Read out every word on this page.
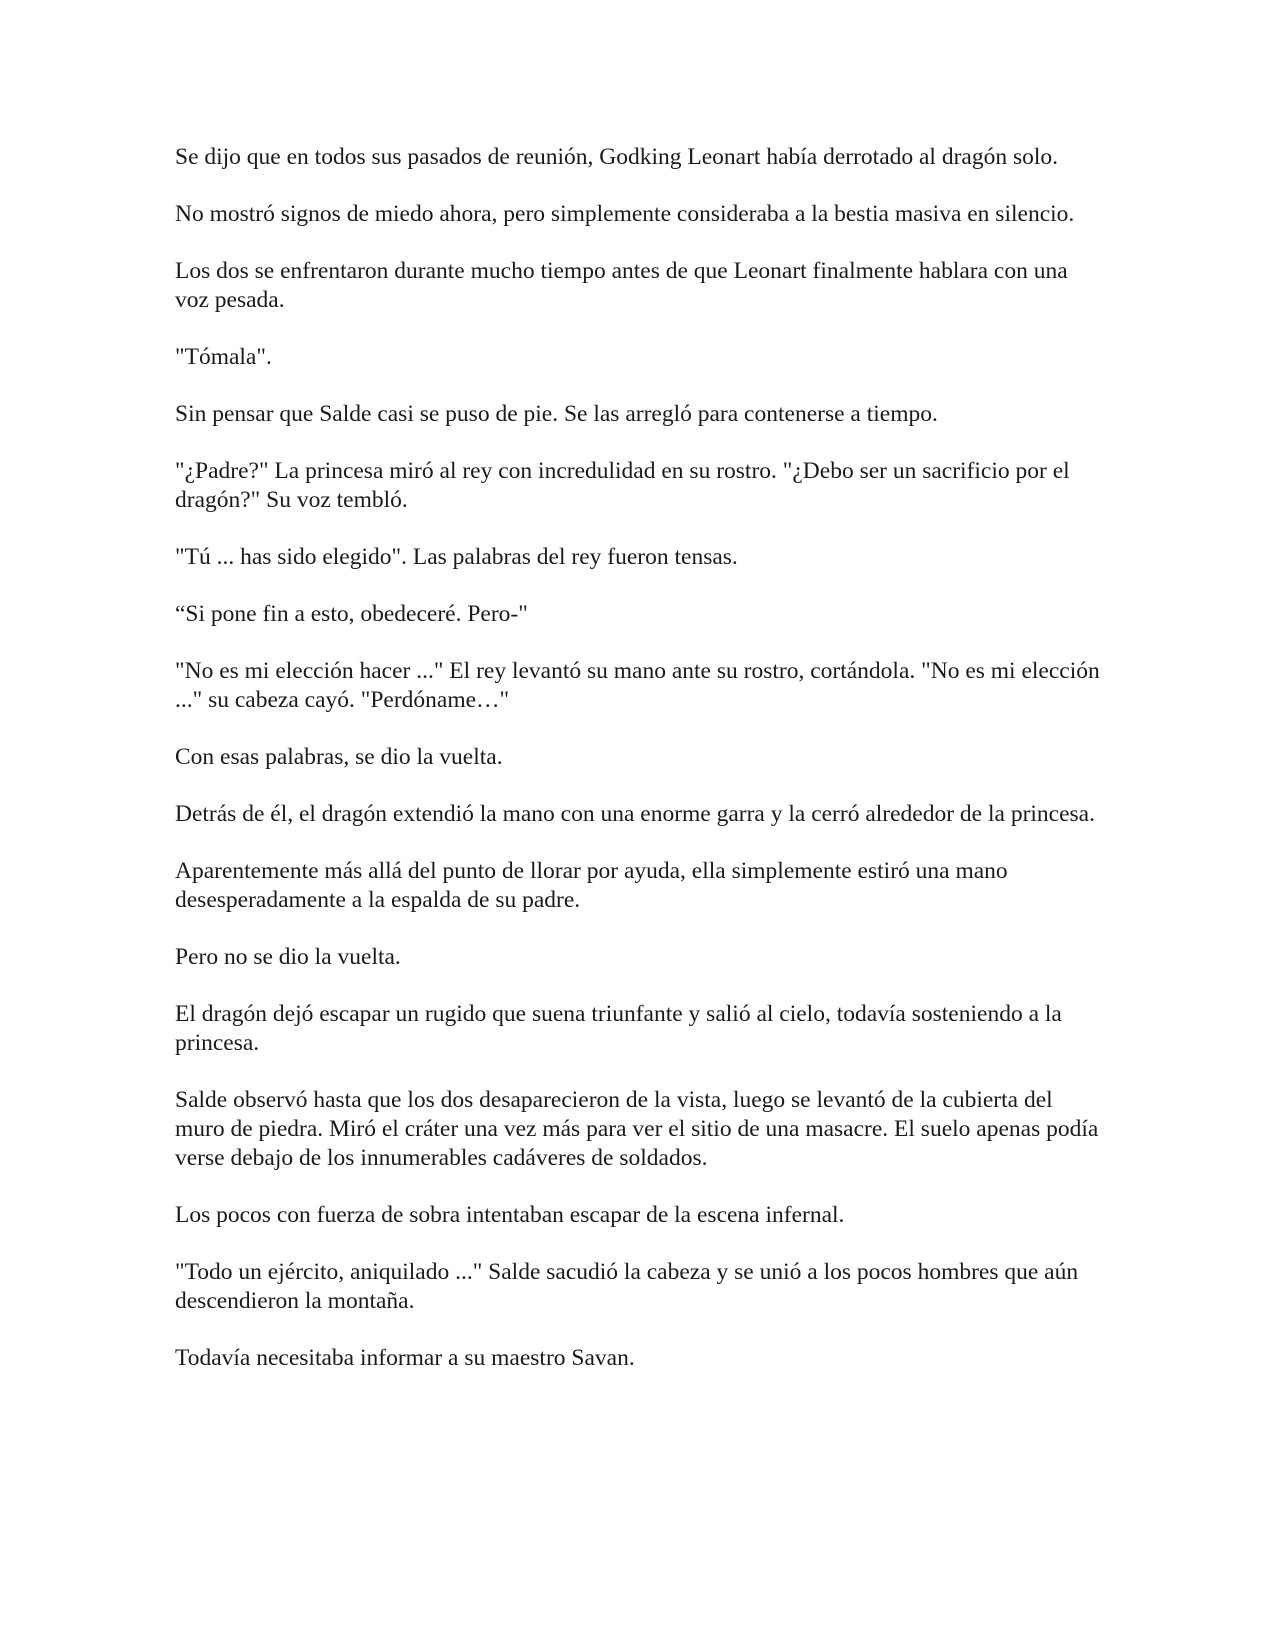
Se dijo que en todos sus pasados de reunión, Godking Leonart había derrotado al dragón solo.

No mostró signos de miedo ahora, pero simplemente consideraba a la bestia masiva en silencio.

Los dos se enfrentaron durante mucho tiempo antes de que Leonart finalmente hablara con una voz pesada.

"Tómala".

Sin pensar que Salde casi se puso de pie. Se las arregló para contenerse a tiempo.

"¿Padre?" La princesa miró al rey con incredulidad en su rostro. "¿Debo ser un sacrificio por el dragón?" Su voz tembló.

"Tú ... has sido elegido". Las palabras del rey fueron tensas.

“Si pone fin a esto, obedeceré. Pero-"

"No es mi elección hacer ..." El rey levantó su mano ante su rostro, cortándola. "No es mi elección ..." su cabeza cayó. "Perdóname…"

Con esas palabras, se dio la vuelta.

Detrás de él, el dragón extendió la mano con una enorme garra y la cerró alrededor de la princesa.

Aparentemente más allá del punto de llorar por ayuda, ella simplemente estiró una mano desesperadamente a la espalda de su padre.

Pero no se dio la vuelta.

El dragón dejó escapar un rugido que suena triunfante y salió al cielo, todavía sosteniendo a la princesa.

Salde observó hasta que los dos desaparecieron de la vista, luego se levantó de la cubierta del muro de piedra. Miró el cráter una vez más para ver el sitio de una masacre. El suelo apenas podía verse debajo de los innumerables cadáveres de soldados.

Los pocos con fuerza de sobra intentaban escapar de la escena infernal.

"Todo un ejército, aniquilado ..." Salde sacudió la cabeza y se unió a los pocos hombres que aún descendieron la montaña.

Todavía necesitaba informar a su maestro Savan.
